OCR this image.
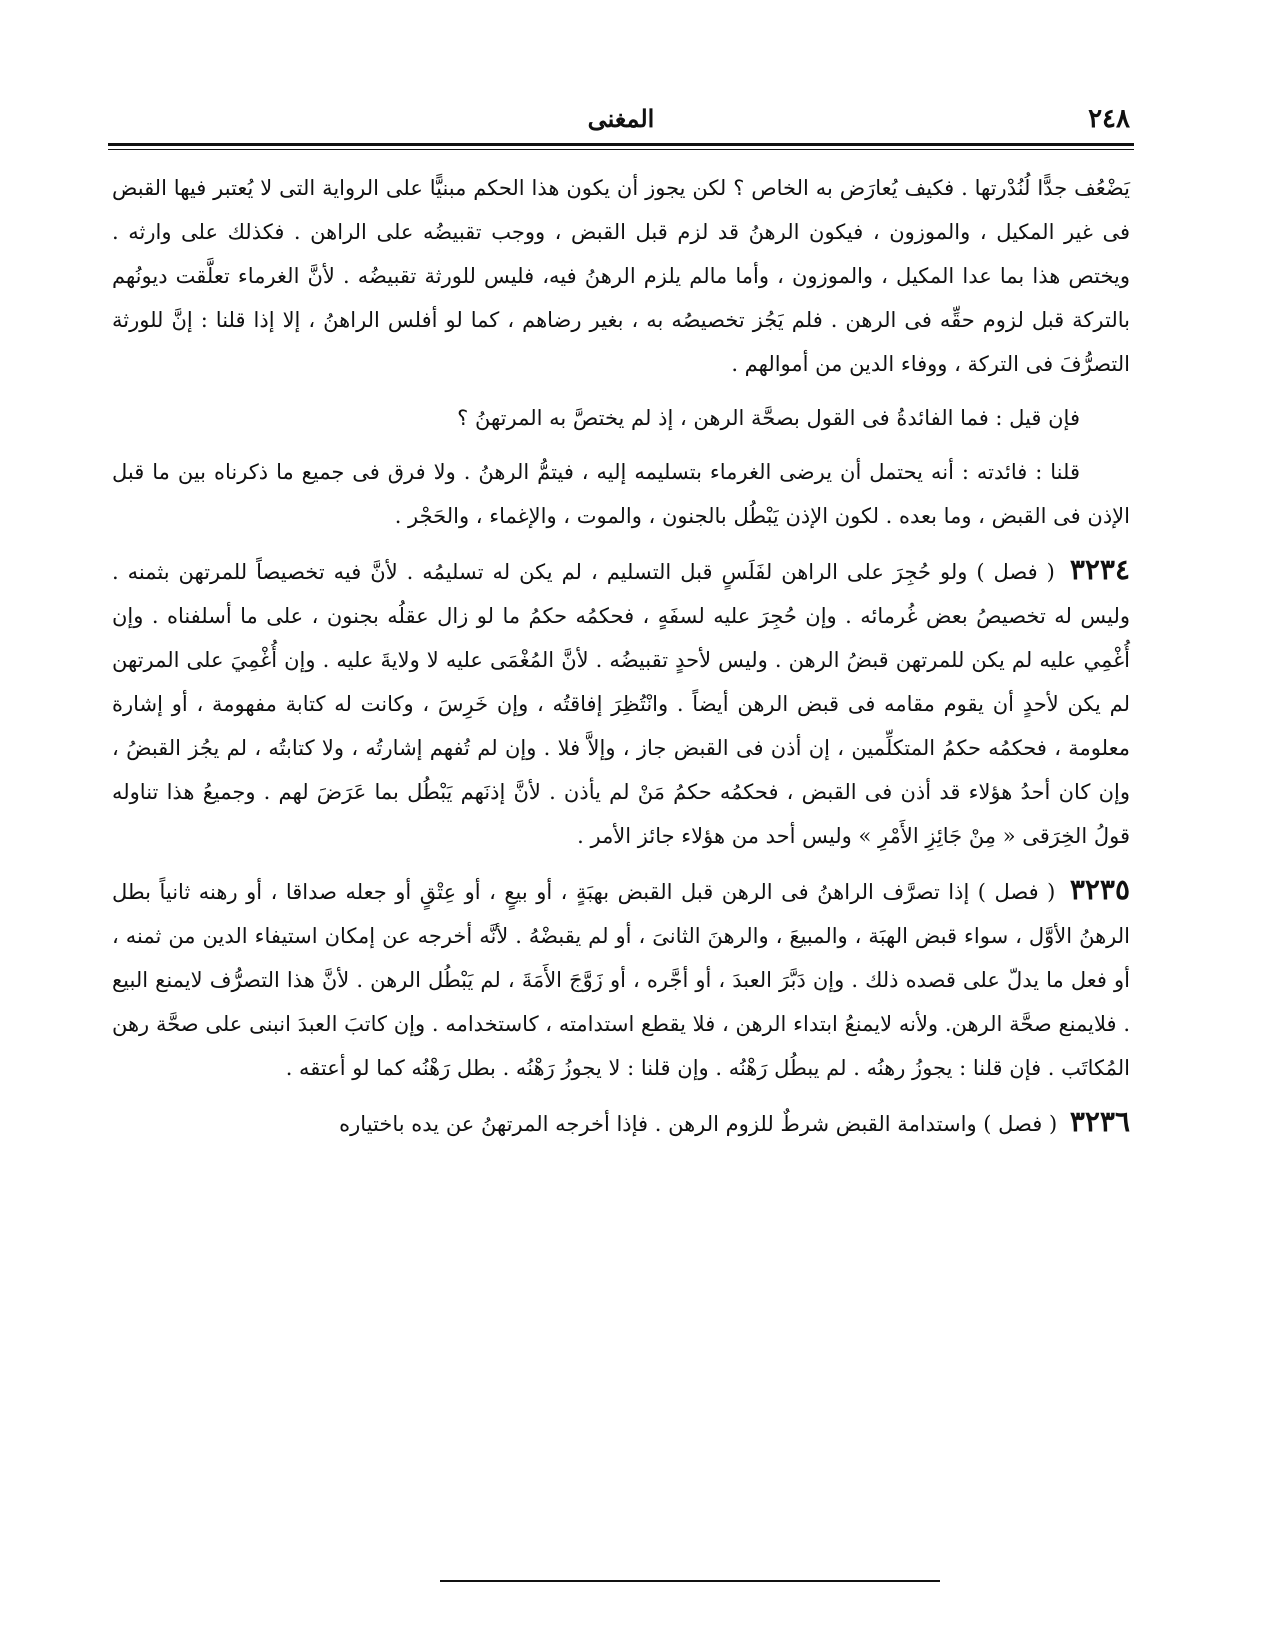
٢٤٨
المغنى

يَضْعُف جدًّا لُنُدْرتها . فكيف يُعارَض به الخاص ؟ لكن يجوز أن يكون هذا الحكم مبنيًّا على الرواية التى لا يُعتبر فيها القبض فى غير المكيل ، والموزون ، فيكون الرهنُ قد لزم قبل القبض ، ووجب تقبيضُه على الراهن . فكذلك على وارثه . ويختص هذا بما عدا المكيل ، والموزون ، وأما مالم يلزم الرهنُ فيه، فليس للورثة تقبيضُه . لأنَّ الغرماء تعلَّقت ديونُهم بالتركة قبل لزوم حقِّه فى الرهن . فلم يَجُز تخصيصُه به ، بغير رضاهم ، كما لو أفلس الراهنُ ، إلا إذا قلنا : إنَّ للورثة التصرُّفَ فى التركة ، ووفاء الدين من أموالهم .

فإن قيل : فما الفائدةُ فى القول بصحَّة الرهن ، إذ لم يختصَّ به المرتهنُ ؟

قلنا : فائدته : أنه يحتمل أن يرضى الغرماء بتسليمه إليه ، فيتمُّ الرهنُ . ولا فرق فى جميع ما ذكرناه بين ما قبل الإذن فى القبض ، وما بعده . لكون الإذن يَبْطُل بالجنون ، والموت ، والإغماء ، والحَجْر .

٣٢٣٤ ( فصل ) ولو حُجِرَ على الراهن لفَلَسٍ قبل التسليم ، لم يكن له تسليمُه . لأنَّ فيه تخصيصاً للمرتهن بثمنه . وليس له تخصيصُ بعض غُرمائه . وإن حُجِرَ عليه لسفَهٍ ، فحكمُه حكمُ ما لو زال عقلُه بجنون ، على ما أسلفناه . وإن أُغْمِي عليه لم يكن للمرتهن قبضُ الرهن . وليس لأحدٍ تقبيضُه . لأنَّ المُغْمَى عليه لا ولايةَ عليه . وإن أُغْمِيَ على المرتهن لم يكن لأحدٍ أن يقوم مقامه فى قبض الرهن أيضاً . وانْتُظِرَ إفاقتُه ، وإن خَرِسَ ، وكانت له كتابة مفهومة ، أو إشارة معلومة ، فحكمُه حكمُ المتكلِّمين ، إن أذن فى القبض جاز ، وإلاَّ فلا . وإن لم تُفهم إشارتُه ، ولا كتابتُه ، لم يجُز القبضُ ، وإن كان أحدُ هؤلاء قد أذن فى القبض ، فحكمُه حكمُ مَنْ لم يأذن . لأنَّ إذنَهم يَبْطُل بما عَرَضَ لهم . وجميعُ هذا تناوله قولُ الخِرَقى « مِنْ جَائِزِ الأَمْرِ » وليس أحد من هؤلاء جائز الأمر .

٣٢٣٥ ( فصل ) إذا تصرَّف الراهنُ فى الرهن قبل القبض بهبَةٍ ، أو بيعٍ ، أو عِتْقٍ أو جعله صداقا ، أو رهنه ثانياً بطل الرهنُ الأوَّل ، سواء قبض الهبَة ، والمبيعَ ، والرهنَ الثانىَ ، أو لم يقبضْهُ . لأنَّه أخرجه عن إمكان استيفاء الدين من ثمنه ، أو فعل ما يدلّ على قصده ذلك . وإن دَبَّرَ العبدَ ، أو أجَّره ، أو زَوَّجَ الأَمَةَ ، لم يَبْطُل الرهن . لأنَّ هذا التصرُّف لايمنع البيع . فلايمنع صحَّة الرهن. ولأنه لايمنعُ ابتداء الرهن ، فلا يقطع استدامته ، كاستخدامه . وإن كاتبَ العبدَ انبنى على صحَّة رهن المُكاتَب . فإن قلنا : يجوزُ رهنُه . لم يبطُل رَهْنُه . وإن قلنا : لا يجوزُ رَهْنُه . بطل رَهْنُه كما لو أعتقه .

٣٢٣٦ ( فصل ) واستدامة القبض شرطٌ للزوم الرهن . فإذا أخرجه المرتهنُ عن يده باختياره
